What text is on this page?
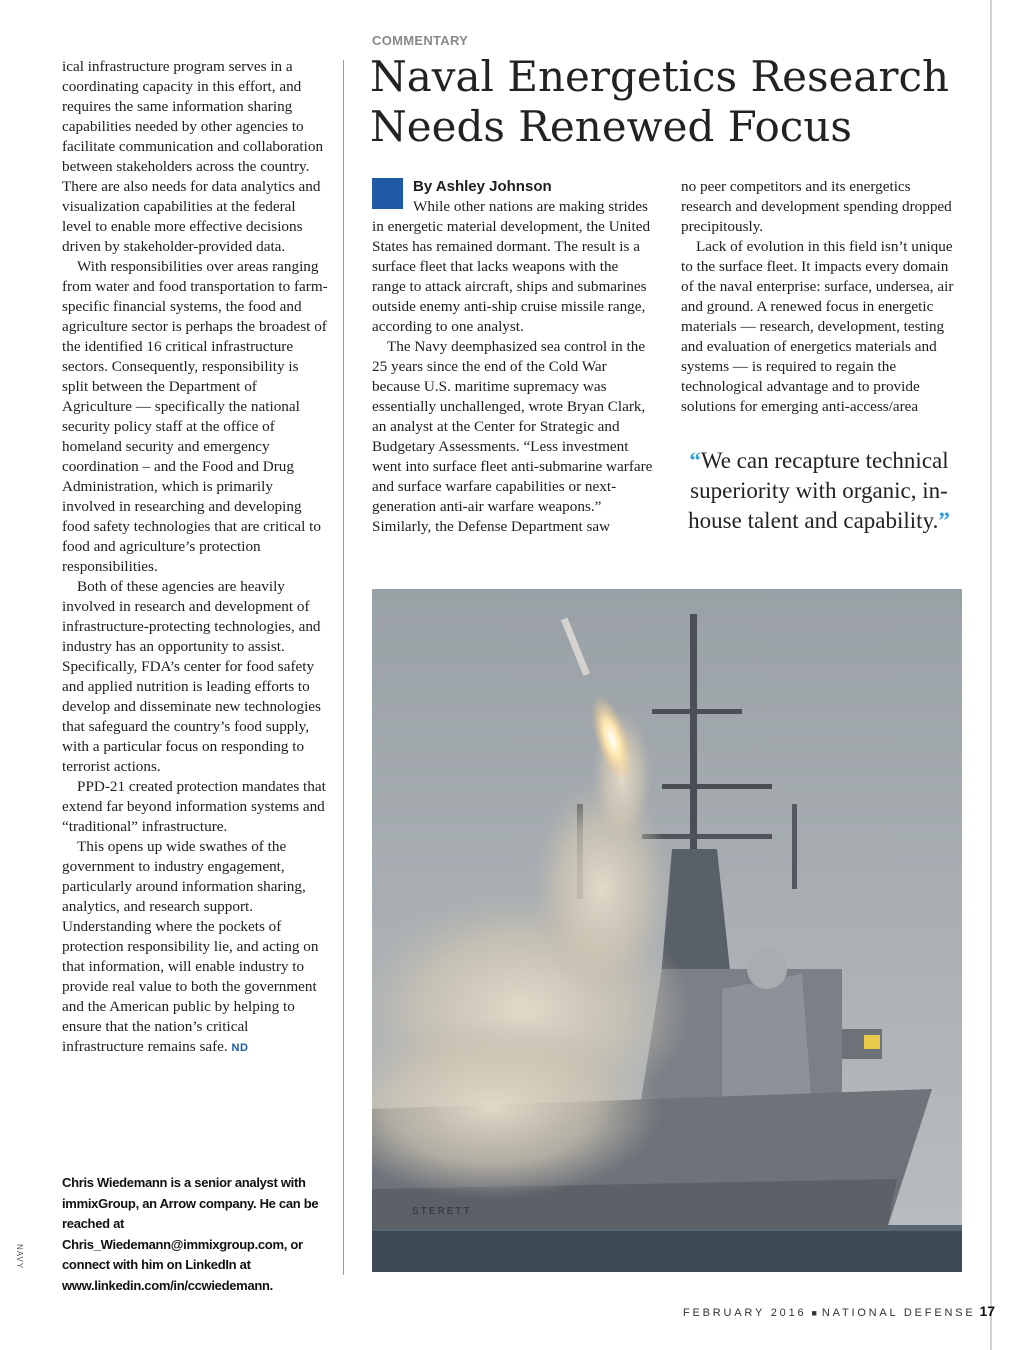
ical infrastructure program serves in a coordinating capacity in this effort, and requires the same information sharing capabilities needed by other agencies to facilitate communication and collaboration between stakeholders across the country. There are also needs for data analytics and visualization capabilities at the federal level to enable more effective decisions driven by stakeholder-provided data.

With responsibilities over areas ranging from water and food transportation to farm-specific financial systems, the food and agriculture sector is perhaps the broadest of the identified 16 critical infrastructure sectors. Consequently, responsibility is split between the Department of Agriculture — specifically the national security policy staff at the office of homeland security and emergency coordination – and the Food and Drug Administration, which is primarily involved in researching and developing food safety technologies that are critical to food and agriculture’s protection responsibilities.

Both of these agencies are heavily involved in research and development of infrastructure-protecting technologies, and industry has an opportunity to assist. Specifically, FDA’s center for food safety and applied nutrition is leading efforts to develop and disseminate new technologies that safeguard the country’s food supply, with a particular focus on responding to terrorist actions.

PPD-21 created protection mandates that extend far beyond information systems and “traditional” infrastructure.

This opens up wide swathes of the government to industry engagement, particularly around information sharing, analytics, and research support. Understanding where the pockets of protection responsibility lie, and acting on that information, will enable industry to provide real value to both the government and the American public by helping to ensure that the nation’s critical infrastructure remains safe. ND

Chris Wiedemann is a senior analyst with immixGroup, an Arrow company. He can be reached at Chris_Wiedemann@immixgroup.com, or connect with him on LinkedIn at www.linkedin.com/in/ccwiedemann.
NAVY
COMMENTARY
Naval Energetics Research
Needs Renewed Focus
By Ashley Johnson

While other nations are making strides in energetic material development, the United States has remained dormant. The result is a surface fleet that lacks weapons with the range to attack aircraft, ships and submarines outside enemy anti-ship cruise missile range, according to one analyst.

The Navy deemphasized sea control in the 25 years since the end of the Cold War because U.S. maritime supremacy was essentially unchallenged, wrote Bryan Clark, an analyst at the Center for Strategic and Budgetary Assessments. “Less investment went into surface fleet anti-submarine warfare and surface warfare capabilities or next-generation anti-air warfare weapons.” Similarly, the Defense Department saw

no peer competitors and its energetics research and development spending dropped precipitously.

Lack of evolution in this field isn’t unique to the surface fleet. It impacts every domain of the naval enterprise: surface, undersea, air and ground. A renewed focus in energetic materials — research, development, testing and evaluation of energetics materials and systems — is required to regain the technological advantage and to provide solutions for emerging anti-access/area

“We can recapture technical superiority with organic, in-house talent and capability.”
STERETT
FEBRUARY 2016 ■ NATIONAL DEFENSE 17
